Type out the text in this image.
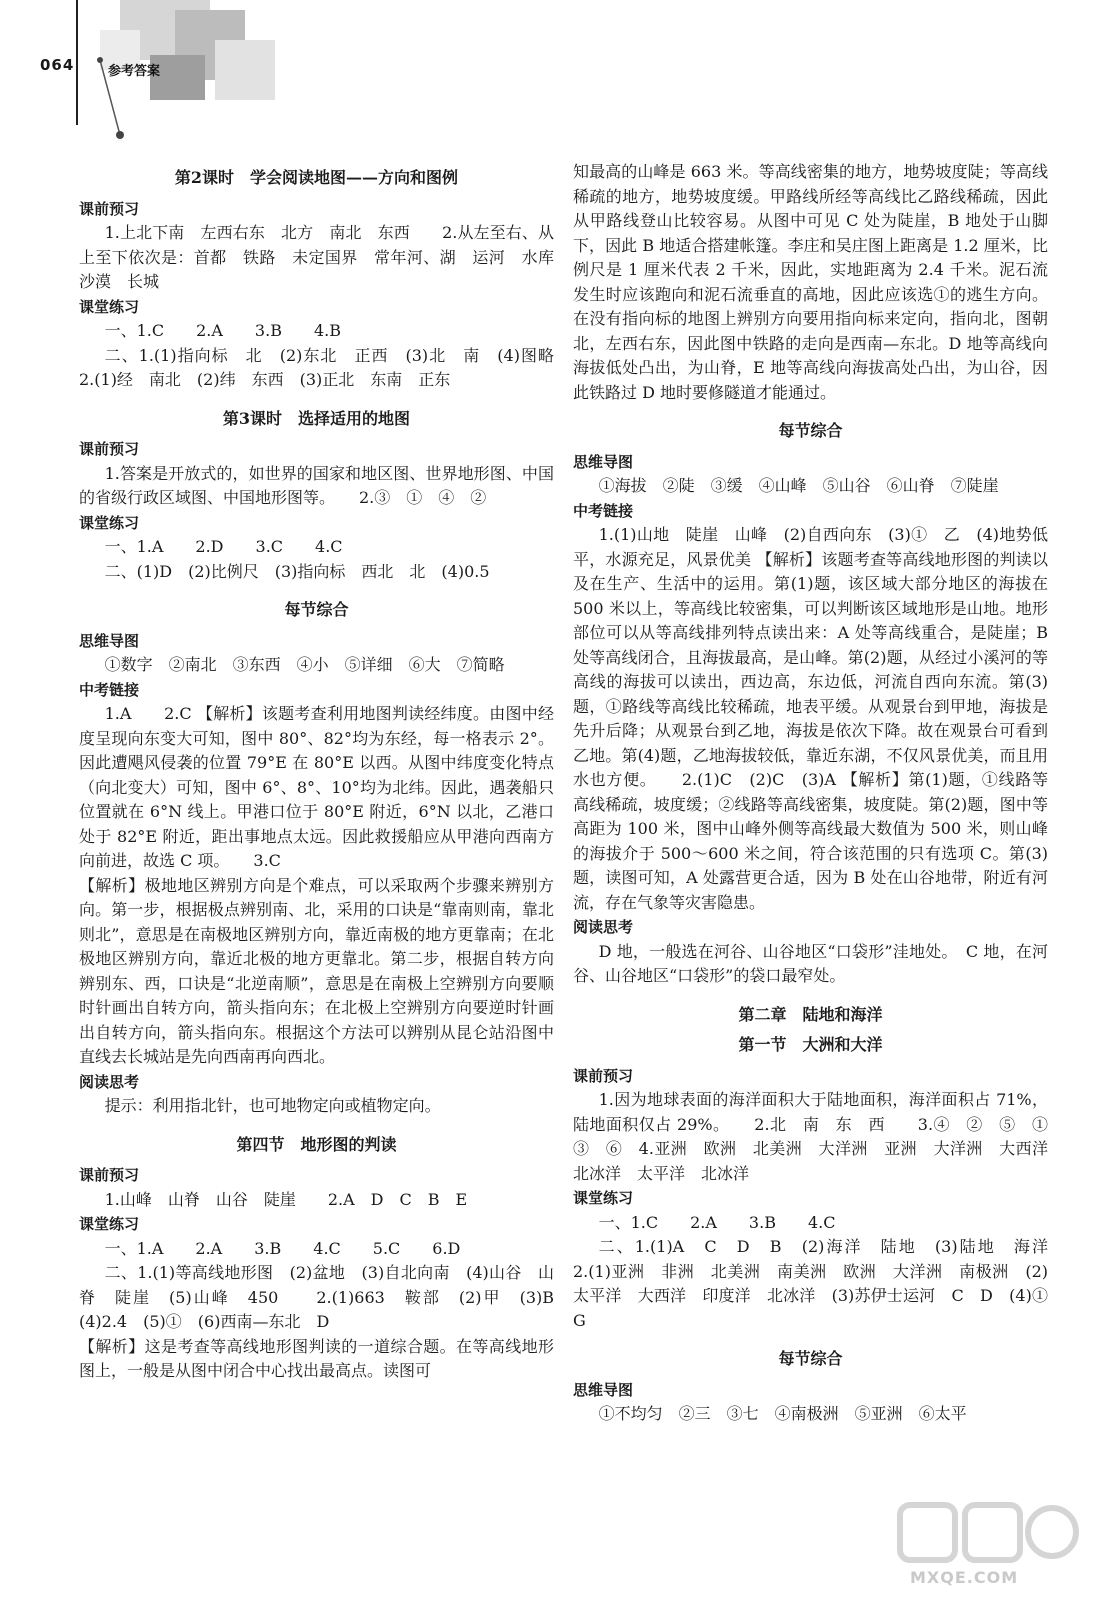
064	参考答案

第2课时　学会阅读地图——方向和图例

课前预习

1.上北下南　左西右东　北方　南北　东西　　2.从左至右、从上至下依次是：首都　铁路　未定国界　常年河、湖　运河　水库　沙漠　长城

课堂练习

一、1.C　　2.A　　3.B　　4.B

二、1.(1)指向标　北　(2)东北　正西　(3)北　南　(4)图略　　2.(1)经　南北　(2)纬　东西　(3)正北　东南　正东

第3课时　选择适用的地图

课前预习

1.答案是开放式的，如世界的国家和地区图、世界地形图、中国的省级行政区域图、中国地形图等。　　2.③　①　④　②

课堂练习

一、1.A　　2.D　　3.C　　4.C

二、(1)D　(2)比例尺　(3)指向标　西北　北　(4)0.5

每节综合

思维导图

①数字　②南北　③东西　④小　⑤详细　⑥大　⑦简略

中考链接

1.A　　2.C 【解析】该题考查利用地图判读经纬度。由图中经度呈现向东变大可知，图中 80°、82°均为东经，每一格表示 2°。因此遭飓风侵袭的位置 79°E 在 80°E 以西。从图中纬度变化特点（向北变大）可知，图中 6°、8°、10°均为北纬。因此，遇袭船只位置就在 6°N 线上。甲港口位于 80°E 附近，6°N 以北，乙港口处于 82°E 附近，距出事地点太远。因此救援船应从甲港向西南方向前进，故选 C 项。　　3.C

【解析】极地地区辨别方向是个难点，可以采取两个步骤来辨别方向。第一步，根据极点辨别南、北，采用的口诀是“靠南则南，靠北则北”，意思是在南极地区辨别方向，靠近南极的地方更靠南；在北极地区辨别方向，靠近北极的地方更靠北。第二步，根据自转方向辨别东、西，口诀是“北逆南顺”，意思是在南极上空辨别方向要顺时针画出自转方向，箭头指向东；在北极上空辨别方向要逆时针画出自转方向，箭头指向东。根据这个方法可以辨别从昆仑站沿图中直线去长城站是先向西南再向西北。

阅读思考

提示：利用指北针，也可地物定向或植物定向。

第四节　地形图的判读

课前预习

1.山峰　山脊　山谷　陡崖　　2.A　D　C　B　E

课堂练习

一、1.A　　2.A　　3.B　　4.C　　5.C　　6.D

二、1.(1)等高线地形图　(2)盆地　(3)自北向南　(4)山谷　山脊　陡崖　(5)山峰　450　　2.(1)663　鞍部　(2)甲　(3)B　(4)2.4　(5)①　(6)西南—东北　D

【解析】这是考查等高线地形图判读的一道综合题。在等高线地形图上，一般是从图中闭合中心找出最高点。读图可

知最高的山峰是 663 米。等高线密集的地方，地势坡度陡；等高线稀疏的地方，地势坡度缓。甲路线所经等高线比乙路线稀疏，因此从甲路线登山比较容易。从图中可见 C 处为陡崖，B 地处于山脚下，因此 B 地适合搭建帐篷。李庄和吴庄图上距离是 1.2 厘米，比例尺是 1 厘米代表 2 千米，因此，实地距离为 2.4 千米。泥石流发生时应该跑向和泥石流垂直的高地，因此应该选①的逃生方向。在没有指向标的地图上辨别方向要用指向标来定向，指向北，图朝北，左西右东，因此图中铁路的走向是西南—东北。D 地等高线向海拔低处凸出，为山脊，E 地等高线向海拔高处凸出，为山谷，因此铁路过 D 地时要修隧道才能通过。

每节综合

思维导图

①海拔　②陡　③缓　④山峰　⑤山谷　⑥山脊　⑦陡崖

中考链接

1.(1)山地　陡崖　山峰　(2)自西向东　(3)①　乙　(4)地势低平，水源充足，风景优美 【解析】该题考查等高线地形图的判读以及在生产、生活中的运用。第(1)题，该区域大部分地区的海拔在 500 米以上，等高线比较密集，可以判断该区域地形是山地。地形部位可以从等高线排列特点读出来：A 处等高线重合，是陡崖；B 处等高线闭合，且海拔最高，是山峰。第(2)题，从经过小溪河的等高线的海拔可以读出，西边高，东边低，河流自西向东流。第(3)题，①路线等高线比较稀疏，地表平缓。从观景台到甲地，海拔是先升后降；从观景台到乙地，海拔是依次下降。故在观景台可看到乙地。第(4)题，乙地海拔较低，靠近东湖，不仅风景优美，而且用水也方便。　　2.(1)C　(2)C　(3)A 【解析】第(1)题，①线路等高线稀疏，坡度缓；②线路等高线密集，坡度陡。第(2)题，图中等高距为 100 米，图中山峰外侧等高线最大数值为 500 米，则山峰的海拔介于 500～600 米之间，符合该范围的只有选项 C。第(3)题，读图可知，A 处露营更合适，因为 B 处在山谷地带，附近有河流，存在气象等灾害隐患。

阅读思考

D 地，一般选在河谷、山谷地区“口袋形”洼地处。　C 地，在河谷、山谷地区“口袋形”的袋口最窄处。

第二章　陆地和海洋

第一节　大洲和大洋

课前预习

1.因为地球表面的海洋面积大于陆地面积，海洋面积占 71%，陆地面积仅占 29%。　　2.北　南　东　西　　3.④　②　⑤　①　③　⑥　4.亚洲　欧洲　北美洲　大洋洲　亚洲　大洋洲　大西洋　北冰洋　太平洋　北冰洋

课堂练习

一、1.C　　2.A　　3.B　　4.C

二、1.(1)A　C　D　B　(2)海洋　陆地　(3)陆地　海洋　　2.(1)亚洲　非洲　北美洲　南美洲　欧洲　大洋洲　南极洲　(2)太平洋　大西洋　印度洋　北冰洋　(3)苏伊士运河　C　D　(4)①　G

每节综合

思维导图

①不均匀　②三　③七　④南极洲　⑤亚洲　⑥太平

MXQE.COM
